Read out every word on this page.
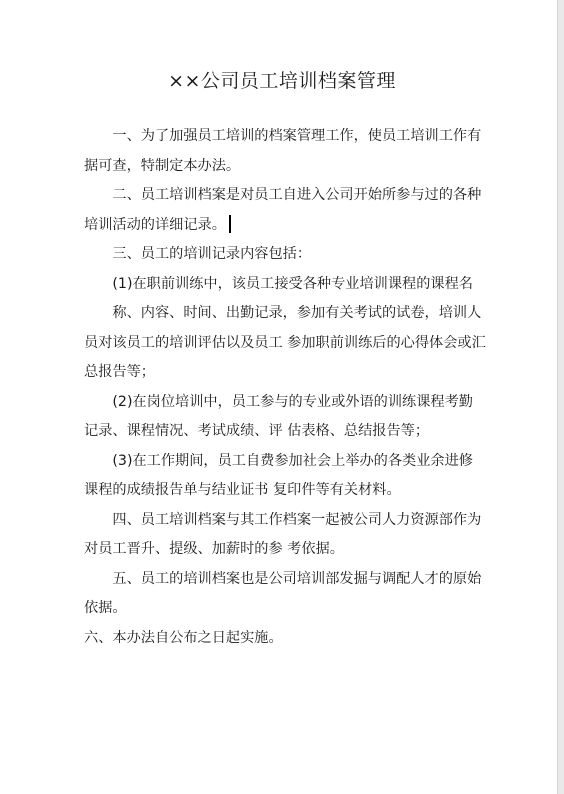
××公司员工培训档案管理

一、为了加强员工培训的档案管理工作，使员工培训工作有据可查，特制定本办法。

二、员工培训档案是对员工自进入公司开始所参与过的各种培训活动的详细记录。

三、员工的培训记录内容包括：

(1)在职前训练中，该员工接受各种专业培训课程的课程名

称、内容、时间、出勤记录，参加有关考试的试卷，培训人员对该员工的培训评估以及员工 参加职前训练后的心得体会或汇总报告等；

(2)在岗位培训中，员工参与的专业或外语的训练课程考勤记录、课程情况、考试成绩、评 估表格、总结报告等；

(3)在工作期间，员工自费参加社会上举办的各类业余进修课程的成绩报告单与结业证书 复印件等有关材料。

四、员工培训档案与其工作档案一起被公司人力资源部作为对员工晋升、提级、加薪时的参 考依据。

五、员工的培训档案也是公司培训部发掘与调配人才的原始依据。

六、本办法自公布之日起实施。
